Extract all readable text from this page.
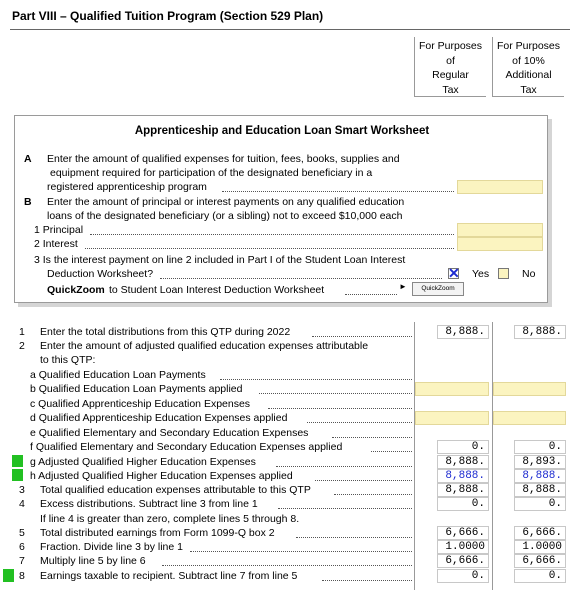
Part VIII – Qualified Tuition Program (Section 529 Plan)
For Purposes
of
Regular
Tax
For Purposes
of 10%
Additional
Tax
Apprenticeship and Education Loan Smart Worksheet
A Enter the amount of qualified expenses for tuition, fees, books, supplies and
equipment required for participation of the designated beneficiary in a
registered apprenticeship program
B Enter the amount of principal or interest payments on any qualified education
loans of the designated beneficiary (or a sibling) not to exceed $10,000 each
1 Principal
2 Interest
3 Is the interest payment on line 2 included in Part I of the Student Loan Interest
Deduction Worksheet?	✕ Yes	No
QuickZoom to Student Loan Interest Deduction Worksheet	►	QuickZoom
1 Enter the total distributions from this QTP during 2022	8,888.	8,888.
2 Enter the amount of adjusted qualified education expenses attributable
to this QTP:
a Qualified Education Loan Payments
b Qualified Education Loan Payments applied
c Qualified Apprenticeship Education Expenses
d Qualified Apprenticeship Education Expenses applied
e Qualified Elementary and Secondary Education Expenses
f Qualified Elementary and Secondary Education Expenses applied	0.	0.
g Adjusted Qualified Higher Education Expenses	8,888.	8,893.
h Adjusted Qualified Higher Education Expenses applied	8,888.	8,888.
3 Total qualified education expenses attributable to this QTP	8,888.	8,888.
4 Excess distributions. Subtract line 3 from line 1	0.	0.
If line 4 is greater than zero, complete lines 5 through 8.
5 Total distributed earnings from Form 1099-Q box 2	6,666.	6,666.
6 Fraction. Divide line 3 by line 1	1.0000	1.0000
7 Multiply line 5 by line 6	6,666.	6,666.
8 Earnings taxable to recipient. Subtract line 7 from line 5	0.	0.
